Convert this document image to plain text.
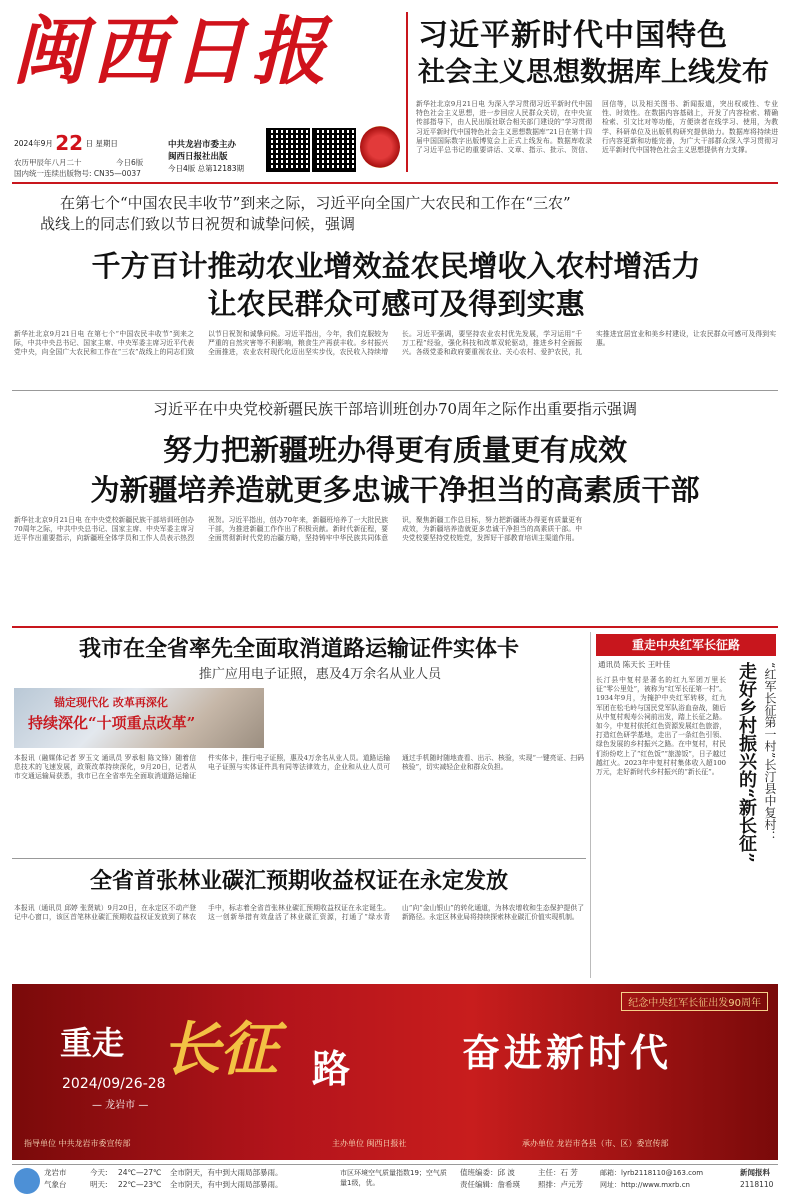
闽西日报
2024年9月 22 日 星期日
农历甲辰年八月二十	今日6版
国内统一连续出版物号: CN35—0037
中共龙岩市委主办
闽西日报社出版
今日4版 总第12183期
习近平新时代中国特色
社会主义思想数据库上线发布
新华社北京9月21日电 为深入学习贯彻习近平新时代中国特色社会主义思想，进一步回应人民群众关切，在中央宣传部指导下，由人民出版社联合相关部门建设的“学习贯彻习近平新时代中国特色社会主义思想数据库”21日在第十四届中国国际数字出版博览会上正式上线发布。数据库收录了习近平总书记的重要讲话、文章、指示、批示、贺信、回信等，以及相关图书、新闻报道，突出权威性、专业性、时效性。在数据内容基础上，开发了内容检索、精确检索、引文比对等功能，方便读者在线学习、使用，为教学、科研单位及出版机构研究提供助力。数据库将持续进行内容更新和功能完善，为广大干部群众深入学习贯彻习近平新时代中国特色社会主义思想提供有力支撑。
在第七个“中国农民丰收节”到来之际，习近平向全国广大农民和工作在“三农”
战线上的同志们致以节日祝贺和诚挚问候，强调
千方百计推动农业增效益农民增收入农村增活力
让农民群众可感可及得到实惠
新华社北京9月21日电 在第七个“中国农民丰收节”到来之际，中共中央总书记、国家主席、中央军委主席习近平代表党中央，向全国广大农民和工作在“三农”战线上的同志们致以节日祝贺和诚挚问候。习近平指出，今年，我们克服较为严重的自然灾害等不利影响，粮食生产再获丰收。乡村振兴全面推进，农业农村现代化迈出坚实步伐，农民收入持续增长。习近平强调，要坚持农业农村优先发展，学习运用“千万工程”经验，强化科技和改革双轮驱动，推进乡村全面振兴。各级党委和政府要重视农业、关心农村、爱护农民，扎实推进宜居宜业和美乡村建设，让农民群众可感可及得到实惠。
习近平在中央党校新疆民族干部培训班创办70周年之际作出重要指示强调
努力把新疆班办得更有质量更有成效
为新疆培养造就更多忠诚干净担当的高素质干部
新华社北京9月21日电 在中央党校新疆民族干部培训班创办70周年之际，中共中央总书记、国家主席、中央军委主席习近平作出重要指示，向新疆班全体学员和工作人员表示热烈祝贺。习近平指出，创办70年来，新疆班培养了一大批民族干部，为推进新疆工作作出了积极贡献。新时代新征程，要全面贯彻新时代党的治疆方略，坚持铸牢中华民族共同体意识，聚焦新疆工作总目标，努力把新疆班办得更有质量更有成效，为新疆培养造就更多忠诚干净担当的高素质干部。中央党校要坚持党校姓党，发挥好干部教育培训主渠道作用。
我市在全省率先全面取消道路运输证件实体卡
推广应用电子证照，惠及4万余名从业人员
锚定现代化 改革再深化
持续深化“十项重点改革”
本报讯（融媒体记者 罗玉文 通讯员 罗承相 陈文锋）随着信息技术的飞速发展，政策改革持续深化，9月20日，记者从市交通运输局获悉，我市已在全省率先全面取消道路运输证件实体卡，推行电子证照，惠及4万余名从业人员。道路运输电子证照与实体证件具有同等法律效力，企业和从业人员可通过手机随时随地查看、出示、核验，实现“一键亮证、扫码核验”，切实减轻企业和群众负担。
全省首张林业碳汇预期收益权证在永定发放
本报讯（通讯员 邱婷 张贤斌）9月20日，在永定区不动产登记中心窗口，该区首笔林业碳汇预期收益权证发放到了林农手中，标志着全省首张林业碳汇预期收益权证在永定诞生。这一创新举措有效盘活了林业碳汇资源，打通了“绿水青山”向“金山银山”的转化通道，为林农增收和生态保护提供了新路径。永定区林业局将持续探索林业碳汇价值实现机制。
重走中央红军长征路
通讯员 陈天长 王叶佳
长汀县中复村是著名的红九军团万里长征“零公里处”，被称为“红军长征第一村”。1934年9月，为掩护中央红军转移，红九军团在松毛岭与国民党军队浴血奋战，随后从中复村观寿公祠前出发，踏上长征之路。如今，中复村依托红色资源发展红色旅游，打造红色研学基地，走出了一条红色引领、绿色发展的乡村振兴之路。在中复村，村民们纷纷吃上了“红色饭”“旅游饭”，日子越过越红火。2023年中复村村集体收入超100万元，走好新时代乡村振兴的“新长征”。	“红军长征第一村”长汀县中复村：
走好乡村振兴的“新长征”
纪念中央红军长征出发90周年
重走 长征 路	奋进新时代
2024/09/26-28
— 龙岩市 —
指导单位 中共龙岩市委宣传部	主办单位 闽西日报社	承办单位 龙岩市各县（市、区）委宣传部
龙岩市
气象台
今天: 24℃—27℃ 全市阴天，有中到大雨局部暴雨。
明天: 22℃—23℃ 全市阴天，有中到大雨局部暴雨。
市区环境空气质量指数19；空气质量1级，优。
值班编委：邱 波
责任编辑：詹希瑛
主任：石 芳
照排：卢元芳
邮箱：lyrb2118110@163.com
网址：http://www.mxrb.cn
新闻报料
2118110
